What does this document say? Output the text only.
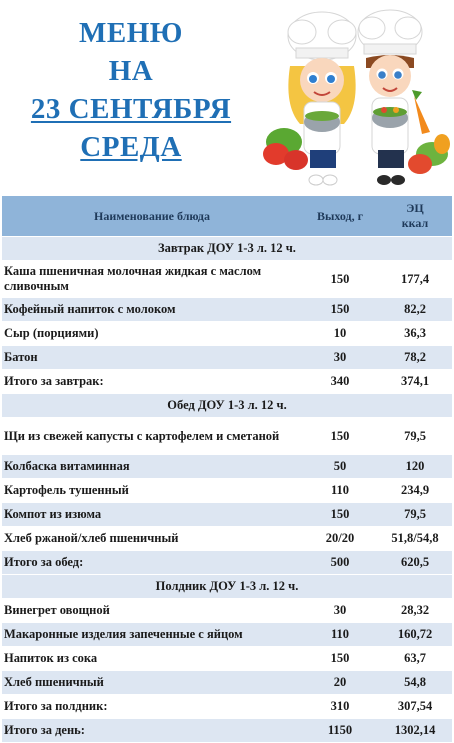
МЕНЮ
НА
23 СЕНТЯБРЯ
СРЕДА
Наименование блюда	Выход, г	ЭЦ
ккал

Завтрак ДОУ 1-3 л. 12 ч.		
Каша пшеничная молочная жидкая с маслом сливочным	150	177,4
Кофейный напиток с молоком	150	82,2
Сыр (порциями)	10	36,3
Батон	30	78,2
Итого за завтрак:	340	374,1
Обед ДОУ 1-3 л. 12 ч.		
Щи из свежей капусты с картофелем и сметаной	150	79,5
Колбаска витаминная	50	120
Картофель тушенный	110	234,9
Компот из изюма	150	79,5
Хлеб ржаной/хлеб пшеничный	20/20	51,8/54,8
Итого за обед:	500	620,5
Полдник ДОУ 1-3 л. 12 ч.		
Винегрет овощной	30	28,32
Макаронные изделия запеченные с яйцом	110	160,72
Напиток из сока	150	63,7
Хлеб пшеничный	20	54,8
Итого за полдник:	310	307,54
Итого за день:	1150	1302,14
